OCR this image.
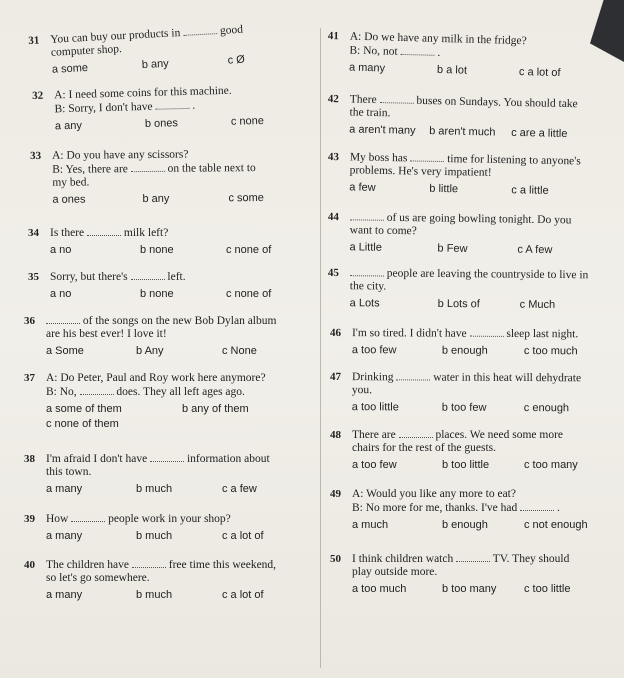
31 You can buy our products in	good
computer shop.
a some	b any	c Ø
32 A: I need some coins for this machine.
B: Sorry, I don't have	.
a any	b ones	c none
33 A: Do you have any scissors?
B: Yes, there are	on the table next to
my bed.
a ones	b any	c some
34 Is there	milk left?
a no	b none	c none of
35 Sorry, but there's	left.
a no	b none	c none of
36	of the songs on the new Bob Dylan album
are his best ever! I love it!
a Some	b Any	c None
37 A: Do Peter, Paul and Roy work here anymore?
B: No,	does. They all left ages ago.
a some of them	b any of them
c none of them
38 I'm afraid I don't have	information about
this town.
a many	b much	c a few
39 How	people work in your shop?
a many	b much	c a lot of
40 The children have	free time this weekend,
so let's go somewhere.
a many	b much	c a lot of
41 A: Do we have any milk in the fridge?
B: No, not	.
a many	b a lot	c a lot of
42 There	buses on Sundays. You should take
the train.
a aren't many b aren't much c are a little
43 My boss has	time for listening to anyone's
problems. He's very impatient!
a few	b little	c a little
44	of us are going bowling tonight. Do you
want to come?
a Little	b Few	c A few
45	people are leaving the countryside to live in
the city.
a Lots	b Lots of	c Much
46 I'm so tired. I didn't have	sleep last night.
a too few	b enough	c too much
47 Drinking	water in this heat will dehydrate
you.
a too little	b too few	c enough
48 There are	places. We need some more
chairs for the rest of the guests.
a too few	b too little	c too many
49 A: Would you like any more to eat?
B: No more for me, thanks. I've had	.
a much	b enough	c not enough
50 I think children watch	TV. They should
play outside more.
a too much	b too many	c too little
